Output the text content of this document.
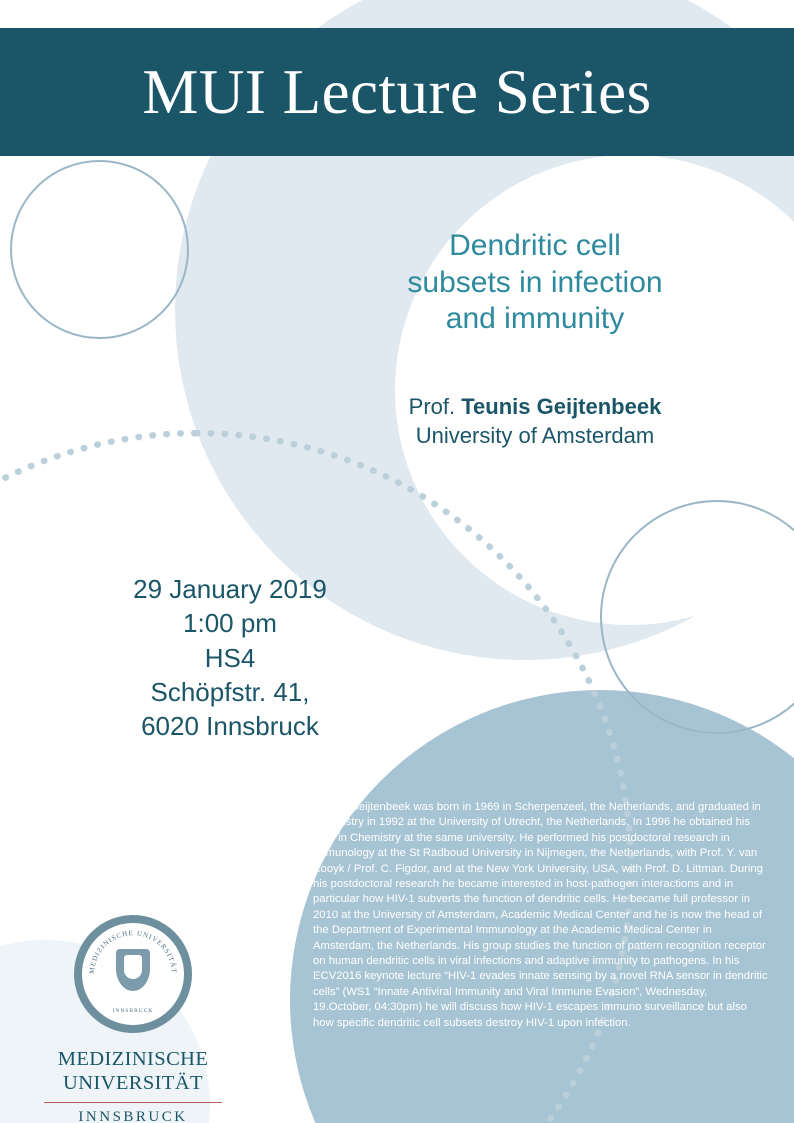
MUI Lecture Series
Dendritic cell
subsets in infection
and immunity
Prof. Teunis Geijtenbeek
University of Amsterdam
29 January 2019
1:00 pm
HS4
Schöpfstr. 41,
6020 Innsbruck
Teunis Geijtenbeek was born in 1969 in Scherpenzeel, the Netherlands, and graduated in Chemistry in 1992 at the University of Utrecht, the Netherlands. In 1996 he obtained his PhD in Chemistry at the same university. He performed his postdoctoral research in Immunology at the St Radboud University in Nijmegen, the Netherlands, with Prof. Y. van Kooyk / Prof. C. Figdor, and at the New York University, USA, with Prof. D. Littman. During his postdoctoral research he became interested in host-pathogen interactions and in particular how HIV-1 subverts the function of dendritic cells. He became full professor in 2010 at the University of Amsterdam, Academic Medical Center and he is now the head of the Department of Experimental Immunology at the Academic Medical Center in Amsterdam, the Netherlands. His group studies the function of pattern recognition receptor on human dendritic cells in viral infections and adaptive immunity to pathogens. In his ECV2016 keynote lecture “HIV-1 evades innate sensing by a novel RNA sensor in dendritic cells” (WS1 “Innate Antiviral Immunity and Viral Immune Evasion”, Wednesday, 19.October, 04:30pm) he will discuss how HIV-1 escapes immuno surveillance but also how specific dendritic cell subsets destroy HIV-1 upon infection.
MEDIZINISCHE UNIVERSITÄT
INNSBRUCK
MEDIZINISCHE
UNIVERSITÄT
INNSBRUCK
